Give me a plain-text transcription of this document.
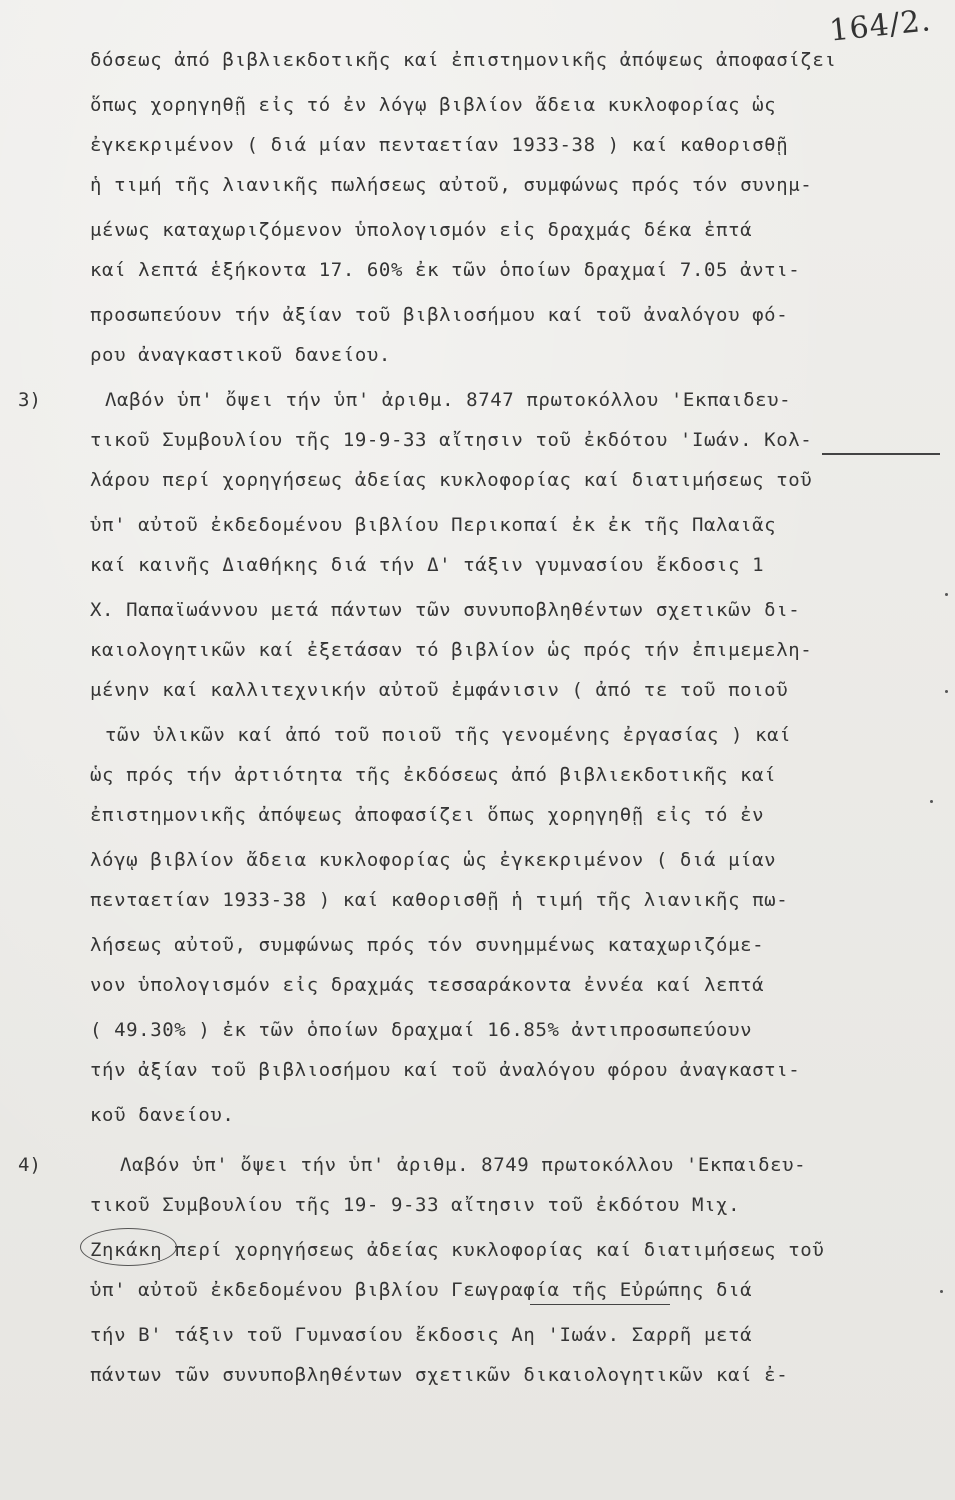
164/2.
3)
4)
δόσεως ἀπό βιβλιεκδοτικῆς καί ἐπιστημονικῆς ἀπόψεως ἀποφασίζει
ὅπως χορηγηθῇ εἰς τό ἐν λόγῳ βιβλίον ἄδεια κυκλοφορίας ὡς
ἐγκεκριμένον ( διά μίαν πενταετίαν 1933-38 ) καί καθορισθῇ
ἡ τιμή τῆς λιανικῆς πωλήσεως αὐτοῦ, συμφώνως πρός τόν συνημ-
μένως καταχωριζόμενον ὑπολογισμόν εἰς δραχμάς δέκα ἑπτά
καί λεπτά ἑξήκοντα 17. 60% ἐκ τῶν ὁποίων δραχμαί 7.05 ἀντι-
προσωπεύουν τήν ἀξίαν τοῦ βιβλιοσήμου καί τοῦ ἀναλόγου φό-
ρου ἀναγκαστικοῦ δανείου.
Λαβόν ὑπ' ὄψει τήν ὑπ' ἀριθμ. 8747 πρωτοκόλλου 'Εκπαιδευ-
τικοῦ Συμβουλίου τῆς 19-9-33 αἴτησιν τοῦ ἐκδότου 'Ιωάν. Κολ-
λάρου περί χορηγήσεως ἀδείας κυκλοφορίας καί διατιμήσεως τοῦ
ὑπ' αὐτοῦ ἐκδεδομένου βιβλίου Περικοπαί ἐκ ἐκ τῆς Παλαιᾶς
καί καινῆς Διαθήκης διά τήν Δ' τάξιν γυμνασίου ἔκδοσις 1
Χ. Παπαϊωάννου μετά πάντων τῶν συνυποβληθέντων σχετικῶν δι-
καιολογητικῶν καί ἐξετάσαν τό βιβλίον ὡς πρός τήν ἐπιμεμελη-
μένην καί καλλιτεχνικήν αὐτοῦ ἐμφάνισιν ( ἀπό τε τοῦ ποιοῦ
τῶν ὑλικῶν καί ἀπό τοῦ ποιοῦ τῆς γενομένης ἐργασίας ) καί
ὡς πρός τήν ἀρτιότητα τῆς ἐκδόσεως ἀπό βιβλιεκδοτικῆς καί
ἐπιστημονικῆς ἀπόψεως ἀποφασίζει ὅπως χορηγηθῇ εἰς τό ἐν
λόγῳ βιβλίον ἄδεια κυκλοφορίας ὡς ἐγκεκριμένον ( διά μίαν
πενταετίαν 1933-38 ) καί καθορισθῇ ἡ τιμή τῆς λιανικῆς πω-
λήσεως αὐτοῦ, συμφώνως πρός τόν συνημμένως καταχωριζόμε-
νον ὑπολογισμόν εἰς δραχμάς τεσσαράκοντα ἐννέα καί λεπτά
( 49.30% ) ἐκ τῶν ὁποίων δραχμαί 16.85% ἀντιπροσωπεύουν
τήν ἀξίαν τοῦ βιβλιοσήμου καί τοῦ ἀναλόγου φόρου ἀναγκαστι-
κοῦ δανείου.
Λαβόν ὑπ' ὄψει τήν ὑπ' ἀριθμ. 8749 πρωτοκόλλου 'Εκπαιδευ-
τικοῦ Συμβουλίου τῆς 19- 9-33 αἴτησιν τοῦ ἐκδότου Μιχ.
Ζηκάκη περί χορηγήσεως ἀδείας κυκλοφορίας καί διατιμήσεως τοῦ
ὑπ' αὐτοῦ ἐκδεδομένου βιβλίου Γεωγραφία τῆς Εὐρώπης διά
τήν Β' τάξιν τοῦ Γυμνασίου ἔκδοσις Αη 'Ιωάν. Σαρρῆ μετά
πάντων τῶν συνυποβληθέντων σχετικῶν δικαιολογητικῶν καί ἐ-
